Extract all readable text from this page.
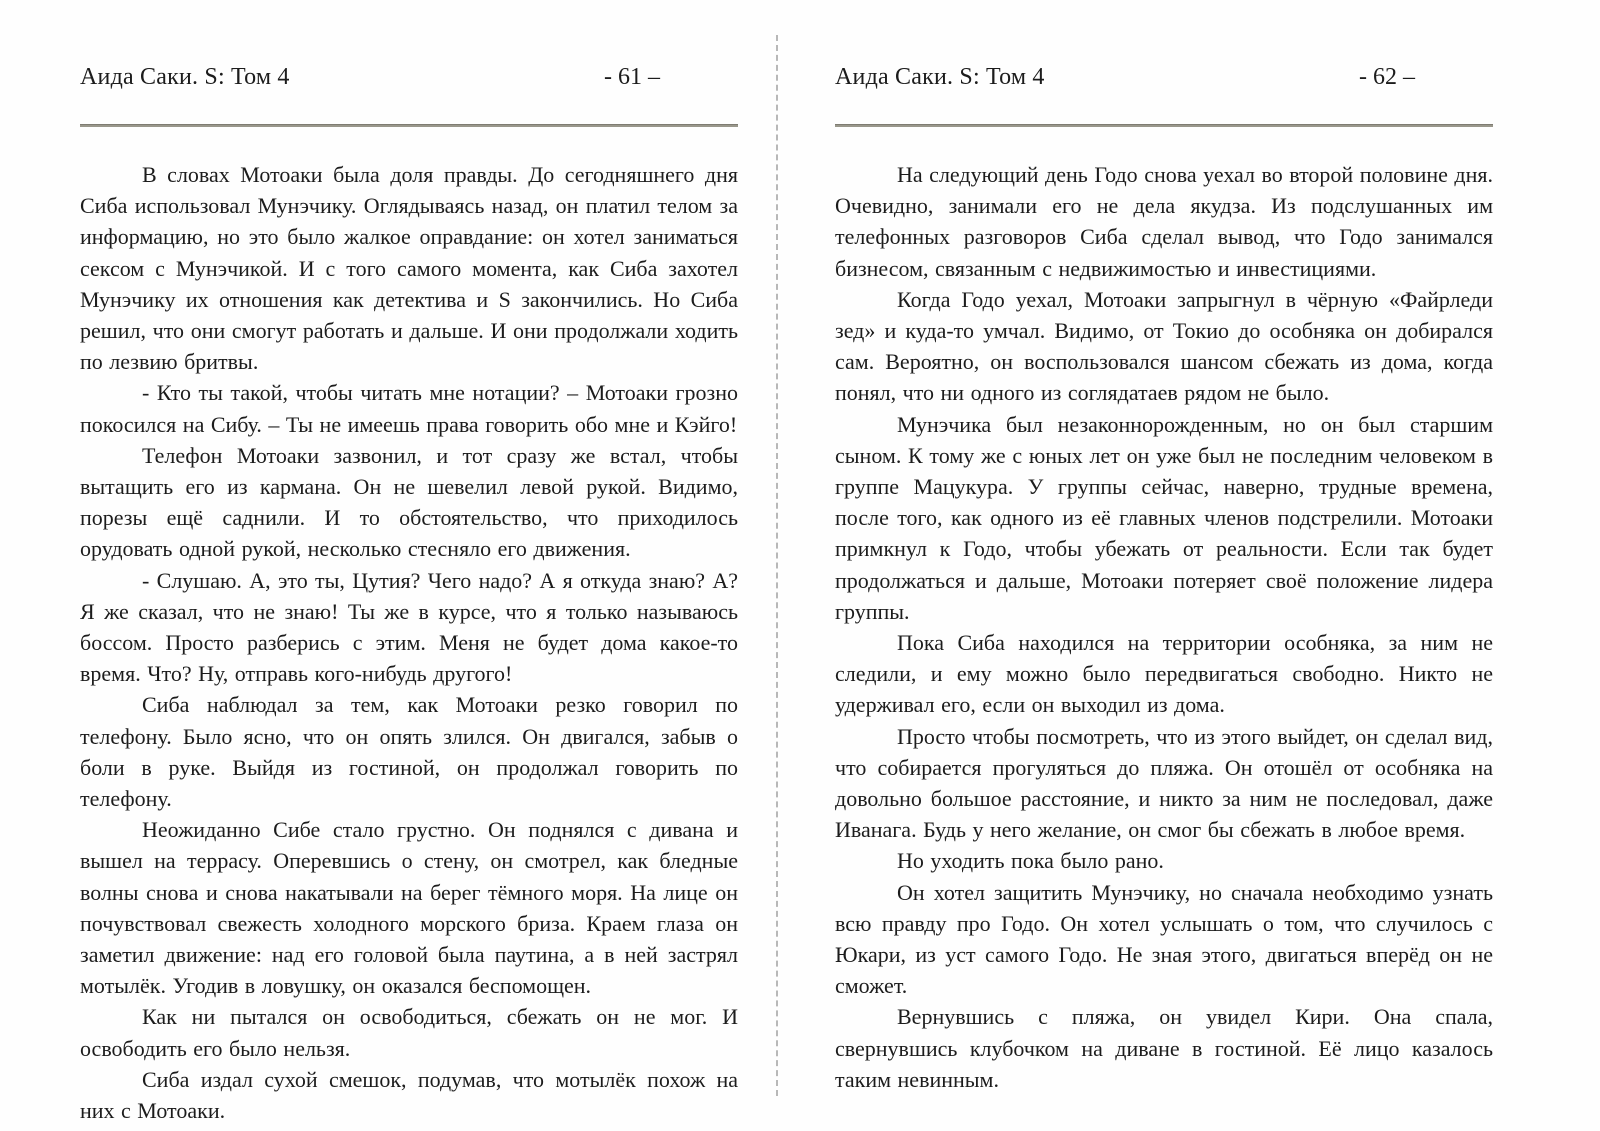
Аида Саки. S: Том 4	- 61 –

В словах Мотоаки была доля правды. До сегодняшнего дня Сиба использовал Мунэчику. Оглядываясь назад, он платил телом за информацию, но это было жалкое оправдание: он хотел заниматься сексом с Мунэчикой. И с того самого момента, как Сиба захотел Мунэчику их отношения как детектива и S закончились. Но Сиба решил, что они смогут работать и дальше. И они продолжали ходить по лезвию бритвы.

- Кто ты такой, чтобы читать мне нотации? – Мотоаки грозно покосился на Сибу. – Ты не имеешь права говорить обо мне и Кэйго!

Телефон Мотоаки зазвонил, и тот сразу же встал, чтобы вытащить его из кармана. Он не шевелил левой рукой. Видимо, порезы ещё саднили. И то обстоятельство, что приходилось орудовать одной рукой, несколько стесняло его движения.

- Слушаю. А, это ты, Цутия? Чего надо? А я откуда знаю? А? Я же сказал, что не знаю! Ты же в курсе, что я только называюсь боссом. Просто разберись с этим. Меня не будет дома какое-то время. Что? Ну, отправь кого-нибудь другого!

Сиба наблюдал за тем, как Мотоаки резко говорил по телефону. Было ясно, что он опять злился. Он двигался, забыв о боли в руке. Выйдя из гостиной, он продолжал говорить по телефону.

Неожиданно Сибе стало грустно. Он поднялся с дивана и вышел на террасу. Оперевшись о стену, он смотрел, как бледные волны снова и снова накатывали на берег тёмного моря. На лице он почувствовал свежесть холодного морского бриза. Краем глаза он заметил движение: над его головой была паутина, а в ней застрял мотылёк. Угодив в ловушку, он оказался беспомощен.

Как ни пытался он освободиться, сбежать он не мог. И освободить его было нельзя.

Сиба издал сухой смешок, подумав, что мотылёк похож на них с Мотоаки.

Аида Саки. S: Том 4	- 62 –

На следующий день Годо снова уехал во второй половине дня. Очевидно, занимали его не дела якудза. Из подслушанных им телефонных разговоров Сиба сделал вывод, что Годо занимался бизнесом, связанным с недвижимостью и инвестициями.

Когда Годо уехал, Мотоаки запрыгнул в чёрную «Файрледи зед» и куда-то умчал. Видимо, от Токио до особняка он добирался сам. Вероятно, он воспользовался шансом сбежать из дома, когда понял, что ни одного из соглядатаев рядом не было.

Мунэчика был незаконнорожденным, но он был старшим сыном. К тому же с юных лет он уже был не последним человеком в группе Мацукура. У группы сейчас, наверно, трудные времена, после того, как одного из её главных членов подстрелили. Мотоаки примкнул к Годо, чтобы убежать от реальности. Если так будет продолжаться и дальше, Мотоаки потеряет своё положение лидера группы.

Пока Сиба находился на территории особняка, за ним не следили, и ему можно было передвигаться свободно. Никто не удерживал его, если он выходил из дома.

Просто чтобы посмотреть, что из этого выйдет, он сделал вид, что собирается прогуляться до пляжа. Он отошёл от особняка на довольно большое расстояние, и никто за ним не последовал, даже Иванага. Будь у него желание, он смог бы сбежать в любое время.

Но уходить пока было рано.

Он хотел защитить Мунэчику, но сначала необходимо узнать всю правду про Годо. Он хотел услышать о том, что случилось с Юкари, из уст самого Годо. Не зная этого, двигаться вперёд он не сможет.

Вернувшись с пляжа, он увидел Кири. Она спала, свернувшись клубочком на диване в гостиной. Её лицо казалось таким невинным.
